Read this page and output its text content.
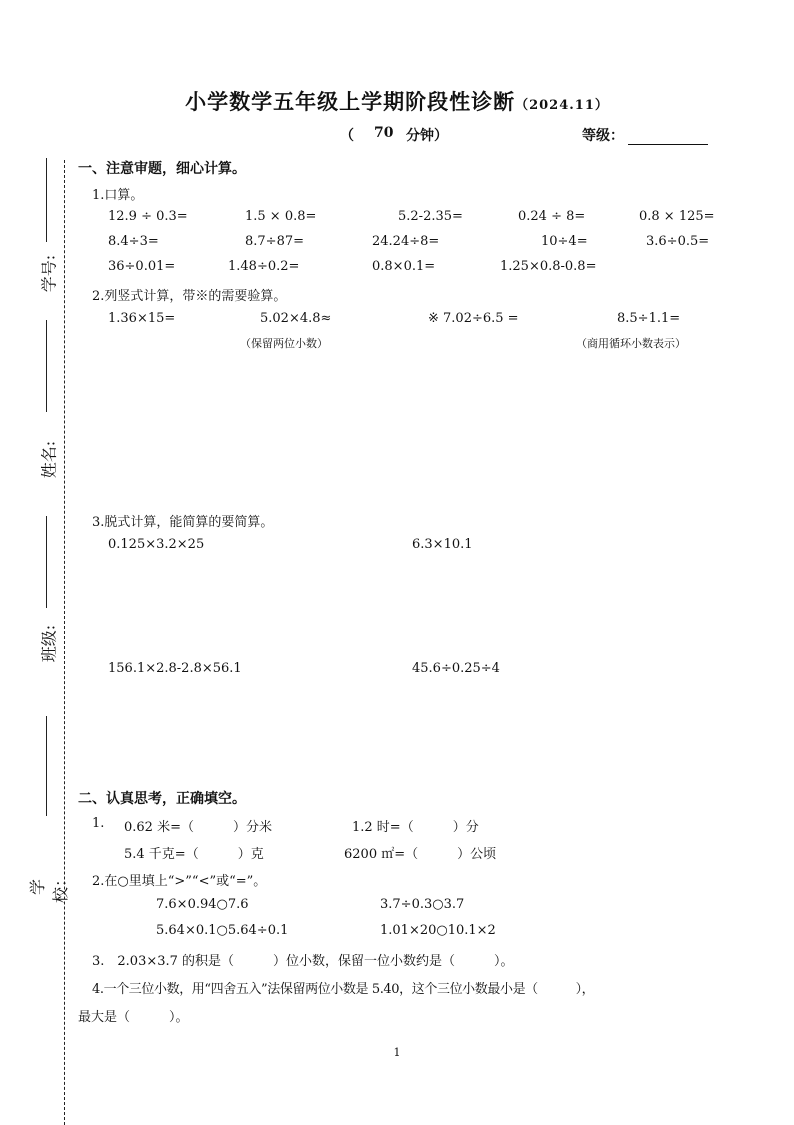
小学数学五年级上学期阶段性诊断（2024.11）
（ 70 分钟）	等级：
学号:
姓名:
班级:
学校：
一、注意审题，细心计算。
1.口算。
12.9 ÷ 0.3=	1.5 × 0.8=	5.2-2.35=	0.24 ÷ 8=	0.8 × 125=
8.4÷3=	8.7÷87=	24.24÷8=	10÷4=	3.6÷0.5=
36÷0.01=	1.48÷0.2=	0.8×0.1=	1.25×0.8-0.8=
2.列竖式计算，带※的需要验算。
1.36×15=	5.02×4.8≈	※ 7.02÷6.5 =	8.5÷1.1=
（保留两位小数）	（商用循环小数表示）
3.脱式计算，能简算的要简算。
0.125×3.2×25	6.3×10.1
156.1×2.8-2.8×56.1	45.6÷0.25÷4
二、认真思考，正确填空。
1. 0.62 米=（　　　）分米	1.2 时=（　　　）分
5.4 千克=（　　　）克	6200 ㎡=（　　　）公顷
2.在○里填上“>”“<”或“=”。
7.6×0.94○7.6	3.7÷0.3○3.7
5.64×0.1○5.64÷0.1	1.01×20○10.1×2
3.　2.03×3.7 的积是（　　　）位小数，保留一位小数约是（　　　）。
4.一个三位小数，用“四舍五入”法保留两位小数是 5.40，这个三位小数最小是（　　　），
最大是（　　　）。
1
